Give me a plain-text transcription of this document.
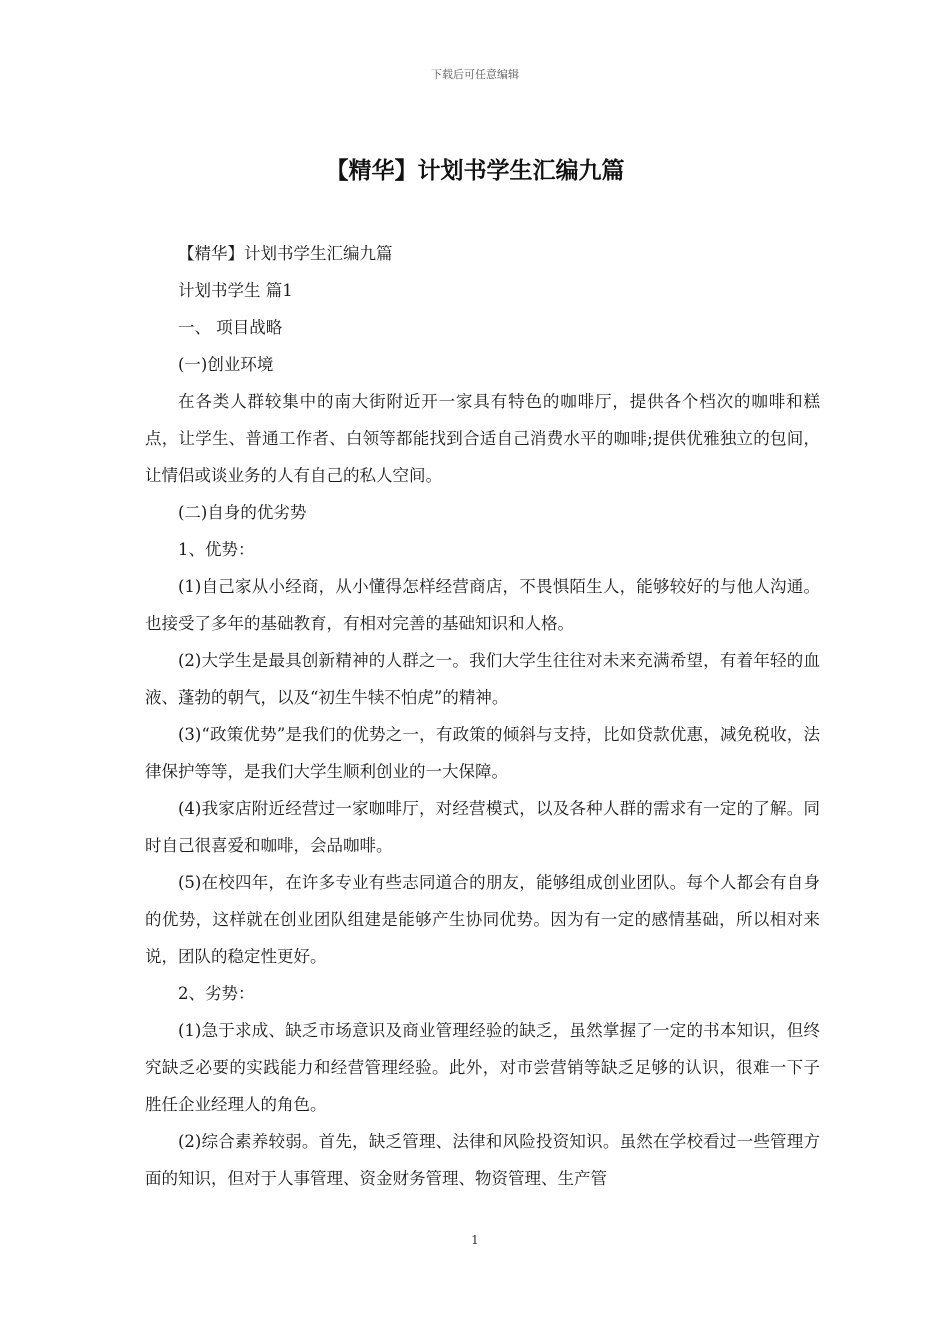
下载后可任意编辑
【精华】计划书学生汇编九篇

【精华】计划书学生汇编九篇

计划书学生 篇1

一、 项目战略

(一)创业环境

在各类人群较集中的南大街附近开一家具有特色的咖啡厅，提供各个档次的咖啡和糕点，让学生、普通工作者、白领等都能找到合适自己消费水平的咖啡;提供优雅独立的包间，让情侣或谈业务的人有自己的私人空间。

(二)自身的优劣势

1、优势：

(1)自己家从小经商，从小懂得怎样经营商店，不畏惧陌生人，能够较好的与他人沟通。也接受了多年的基础教育，有相对完善的基础知识和人格。

(2)大学生是最具创新精神的人群之一。我们大学生往往对未来充满希望，有着年轻的血液、蓬勃的朝气，以及“初生牛犊不怕虎”的精神。

(3)“政策优势”是我们的优势之一，有政策的倾斜与支持，比如贷款优惠，减免税收，法律保护等等，是我们大学生顺利创业的一大保障。

(4)我家店附近经营过一家咖啡厅，对经营模式，以及各种人群的需求有一定的了解。同时自己很喜爱和咖啡，会品咖啡。

(5)在校四年，在许多专业有些志同道合的朋友，能够组成创业团队。每个人都会有自身的优势，这样就在创业团队组建是能够产生协同优势。因为有一定的感情基础，所以相对来说，团队的稳定性更好。

2、劣势：

(1)急于求成、缺乏市场意识及商业管理经验的缺乏，虽然掌握了一定的书本知识，但终究缺乏必要的实践能力和经营管理经验。此外，对市尝营销等缺乏足够的认识，很难一下子胜任企业经理人的角色。

(2)综合素养较弱。首先，缺乏管理、法律和风险投资知识。虽然在学校看过一些管理方面的知识，但对于人事管理、资金财务管理、物资管理、生产管

1
